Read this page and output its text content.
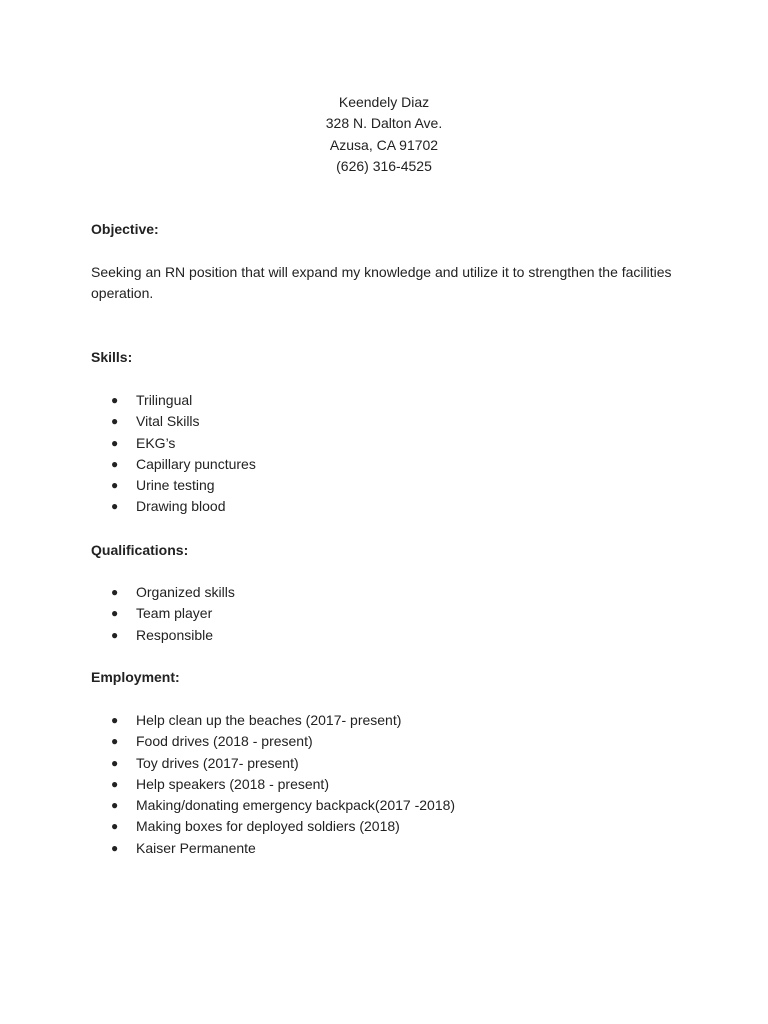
Keendely Diaz
328 N. Dalton Ave.
Azusa, CA 91702
(626) 316-4525
Objective:
Seeking an RN position that will expand my knowledge and utilize it to strengthen the facilities operation.
Skills:
● Trilingual
● Vital Skills
● EKG’s
● Capillary punctures
● Urine testing
● Drawing blood
Qualifications:
● Organized skills
● Team player
● Responsible
Employment:
● Help clean up the beaches (2017- present)
● Food drives (2018 - present)
● Toy drives (2017- present)
● Help speakers (2018 - present)
● Making/donating emergency backpack(2017 -2018)
● Making boxes for deployed soldiers (2018)
● Kaiser Permanente
